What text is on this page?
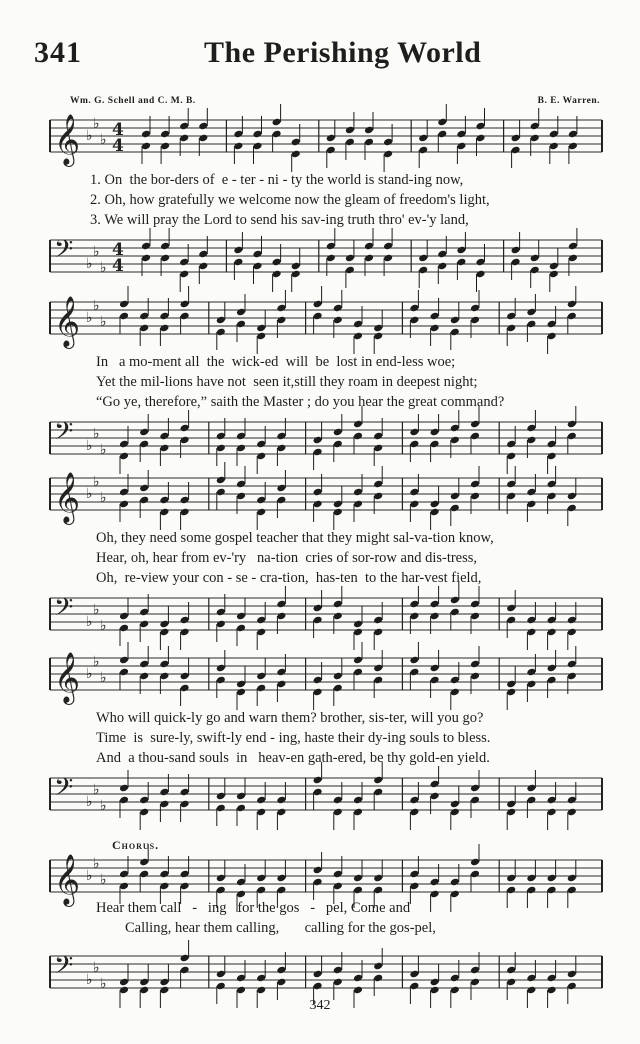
341	The Perishing World
Wm. G. Schell and C. M. B.	B. E. Warren.
𝄞 ♭
♭
♭ 4
4
1. On  the bor-ders of  e - ter - ni - ty the world is stand-ing now,
2. Oh, how gratefully we welcome now the gleam of freedom's light,
3. We will pray the Lord to send his sav-ing truth thro' ev-'y land,
𝄢 ♭
♭
♭
4
4
𝄞 ♭
♭
♭
In   a mo-ment all  the  wick-ed  will  be  lost in end-less woe;
Yet the mil-lions have not  seen it,still they roam in deepest night;
“Go ye, therefore,” saith the Master ; do you hear the great command?
𝄢 ♭
♭
♭
𝄞 ♭
♭
♭
Oh, they need some gospel teacher that they might sal-va-tion know,
Hear, oh, hear from ev-'ry   na-tion  cries of sor-row and dis-tress,
Oh,  re-view your con - se - cra-tion,  has-ten  to the har-vest field,
𝄢 ♭
♭
♭
𝄞 ♭
♭
♭
Who will quick-ly go and warn them? brother, sis-ter, will you go?
Time  is  sure-ly, swift-ly end - ing, haste their dy-ing souls to bless.
And  a thou-sand souls  in   heav-en gath-ered, be thy gold-en yield.
𝄢 ♭
♭
♭
Chorus.
𝄞 ♭
♭
♭
Hear them call   -   ing   for the gos   -   pel, Come and
Calling, hear them calling,       calling for the gos-pel,
𝄢 ♭
♭
♭
342
